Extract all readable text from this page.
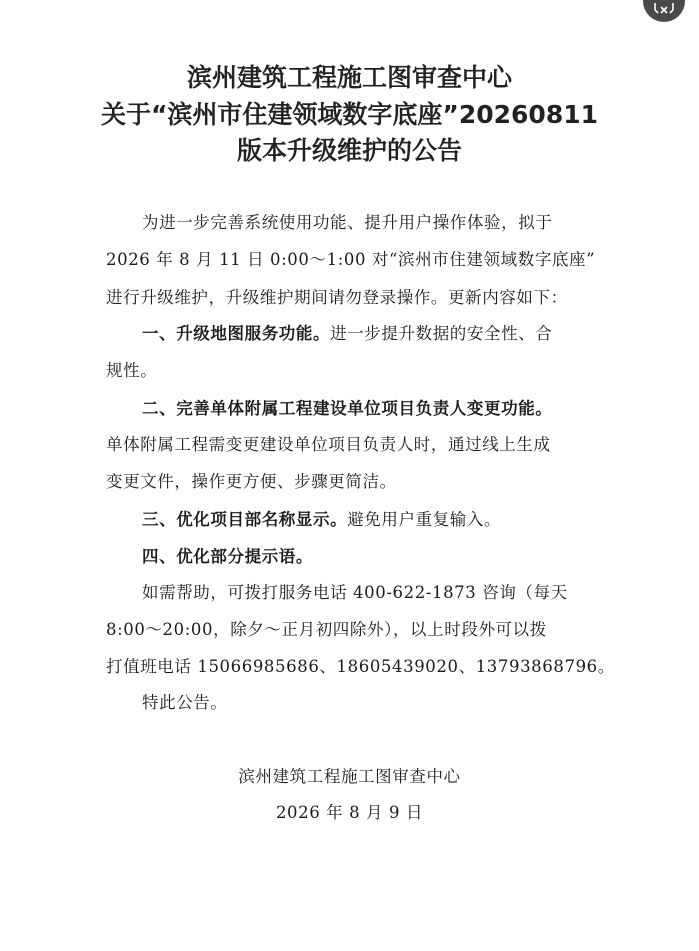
滨州建筑工程施工图审查中心
关于“滨州市住建领域数字底座”20260811
版本升级维护的公告
为进一步完善系统使用功能、提升用户操作体验，拟于
2026 年 8 月 11 日 0:00～1:00 对“滨州市住建领域数字底座”
进行升级维护，升级维护期间请勿登录操作。更新内容如下：
一、升级地图服务功能。进一步提升数据的安全性、合
规性。
二、完善单体附属工程建设单位项目负责人变更功能。
单体附属工程需变更建设单位项目负责人时，通过线上生成
变更文件，操作更方便、步骤更简洁。
三、优化项目部名称显示。避免用户重复输入。
四、优化部分提示语。
如需帮助，可拨打服务电话 400-622-1873 咨询（每天
8:00～20:00，除夕～正月初四除外），以上时段外可以拨
打值班电话 15066985686、18605439020、13793868796。
特此公告。
滨州建筑工程施工图审查中心
2026 年 8 月 9 日
